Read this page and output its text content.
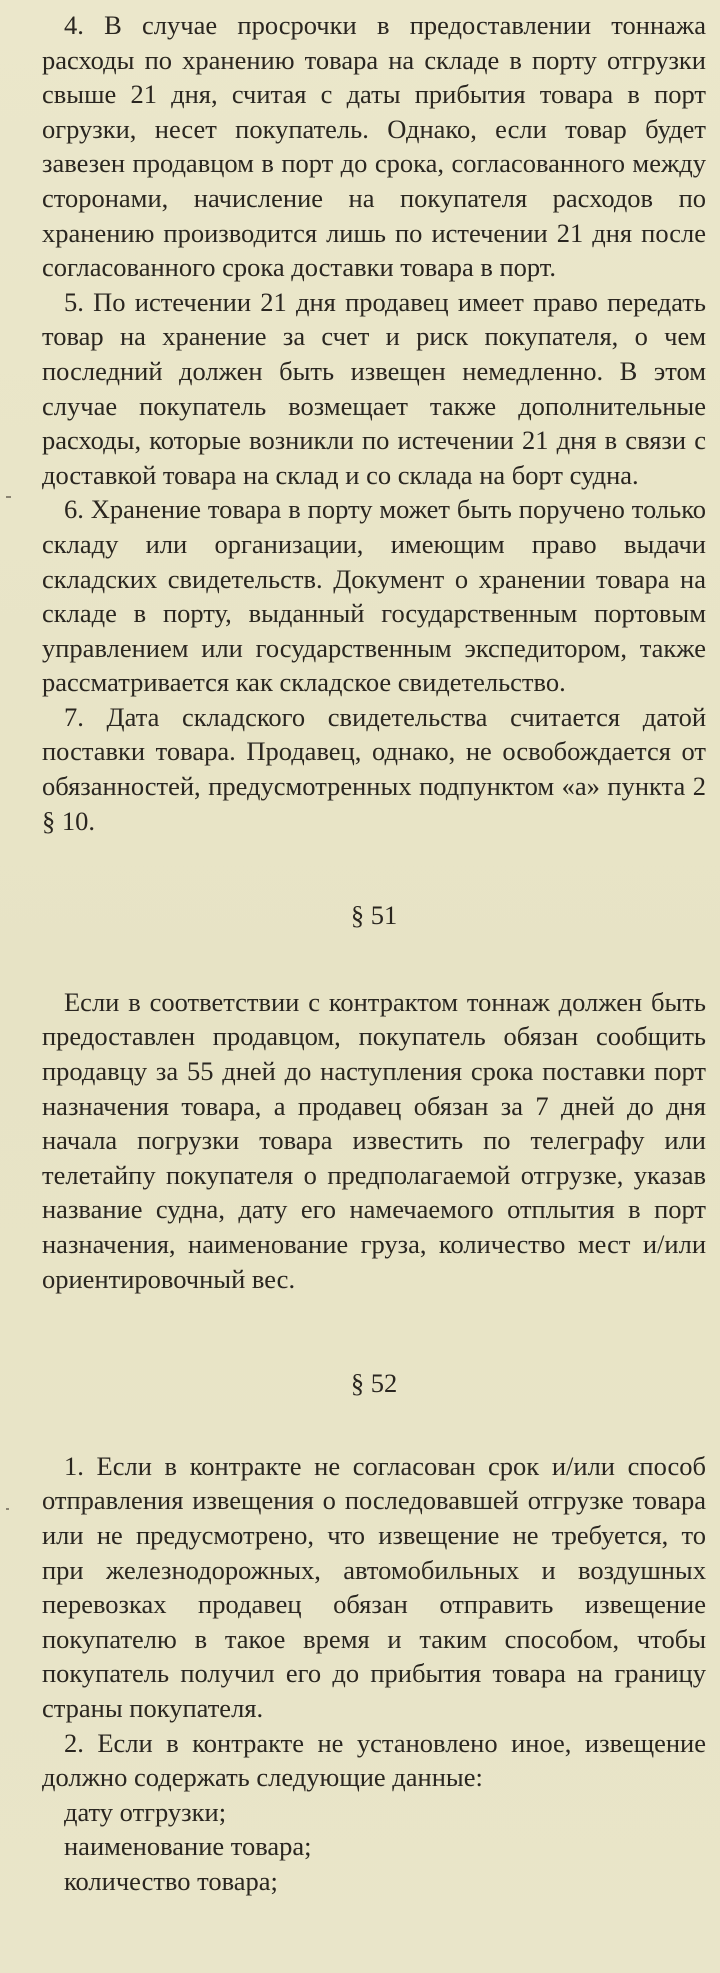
4. В случае просрочки в предоставлении тоннажа расходы по хранению товара на складе в порту отгрузки свыше 21 дня, считая с даты прибытия товара в порт огрузки, несет покупатель. Однако, если товар будет завезен продавцом в порт до срока, согласованного между сторонами, начисление на покупателя расходов по хранению производится лишь по истечении 21 дня после согласованного срока доставки товара в порт.

5. По истечении 21 дня продавец имеет право передать товар на хранение за счет и риск покупателя, о чем последний должен быть извещен немедленно. В этом случае покупатель возмещает также дополнительные расходы, которые возникли по истечении 21 дня в связи с доставкой товара на склад и со склада на борт судна.

6. Хранение товара в порту может быть поручено только складу или организации, имеющим право выдачи складских свидетельств. Документ о хранении товара на складе в порту, выданный государственным портовым управлением или государственным экспедитором, также рассматривается как складское свидетельство.

7. Дата складского свидетельства считается датой поставки товара. Продавец, однако, не освобождается от обязанностей, предусмотренных подпунктом «а» пункта 2 § 10.

§ 51

Если в соответствии с контрактом тоннаж должен быть предоставлен продавцом, покупатель обязан сообщить продавцу за 55 дней до наступления срока поставки порт назначения товара, а продавец обязан за 7 дней до дня начала погрузки товара известить по телеграфу или телетайпу покупателя о предполагаемой отгрузке, указав название судна, дату его намечаемого отплытия в порт назначения, наименование груза, количество мест и/или ориентировочный вес.

§ 52

1. Если в контракте не согласован срок и/или способ отправления извещения о последовавшей отгрузке товара или не предусмотрено, что извещение не требуется, то при железнодорожных, автомобильных и воздушных перевозках продавец обязан отправить извещение покупателю в такое время и таким способом, чтобы покупатель получил его до прибытия товара на границу страны покупателя.

2. Если в контракте не установлено иное, извещение должно содержать следующие данные:

дату отгрузки;
наименование товара;
количество товара;
